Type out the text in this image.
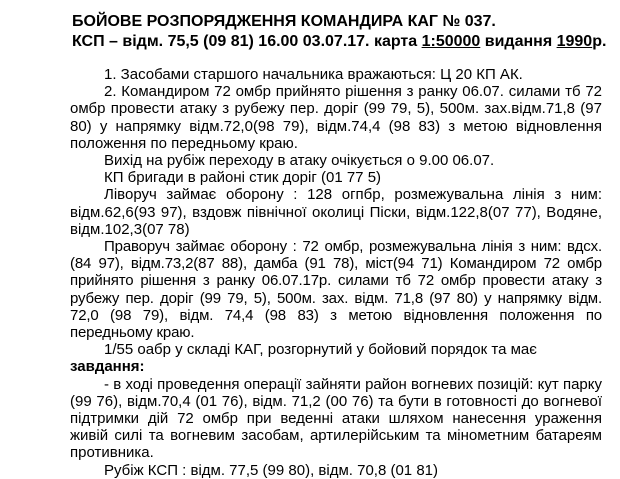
БОЙОВЕ РОЗПОРЯДЖЕННЯ КОМАНДИРА КАГ № 037.
КСП – відм. 75,5 (09 81) 16.00 03.07.17. карта 1:50000 видання 1990р.

1. Засобами старшого начальника вражаються: Ц 20 КП АК.

2. Командиром 72 омбр прийнято рішення з ранку 06.07. силами тб 72 омбр провести атаку з рубежу пер. доріг (99 79, 5), 500м. зах.відм.71,8 (97 80) у напрямку відм.72,0(98 79), відм.74,4 (98 83) з метою відновлення положення по передньому краю.

Вихід на рубіж переходу в атаку очікується о 9.00 06.07.

КП бригади в районі стик доріг (01 77 5)

Ліворуч займає оборону : 128 огпбр, розмежувальна лінія з ним: відм.62,6(93 97), вздовж північної околиці Піски, відм.122,8(07 77), Водяне, відм.102,3(07 78)

Праворуч займає оборону : 72 омбр, розмежувальна лінія з ним: вдсх.(84 97), відм.73,2(87 88), дамба (91 78), міст(94 71) Командиром 72 омбр прийнято рішення з ранку 06.07.17р. силами тб 72 омбр провести атаку з рубежу пер. доріг (99 79, 5), 500м. зах. відм. 71,8 (97 80) у напрямку відм. 72,0 (98 79), відм. 74,4 (98 83) з метою відновлення положення по передньому краю.

1/55 оабр у складі КАГ, розгорнутий у бойовий порядок та має

завдання:

- в ході проведення операції зайняти район вогневих позицій: кут парку (99 76), відм.70,4 (01 76), відм. 71,2 (00 76) та бути в готовності до вогневої підтримки дій 72 омбр при веденні атаки шляхом нанесення ураження живій силі та вогневим засобам, артилерійським та мінометним батареям противника.

Рубіж КСП : відм. 77,5 (99 80), відм. 70,8 (01 81)
